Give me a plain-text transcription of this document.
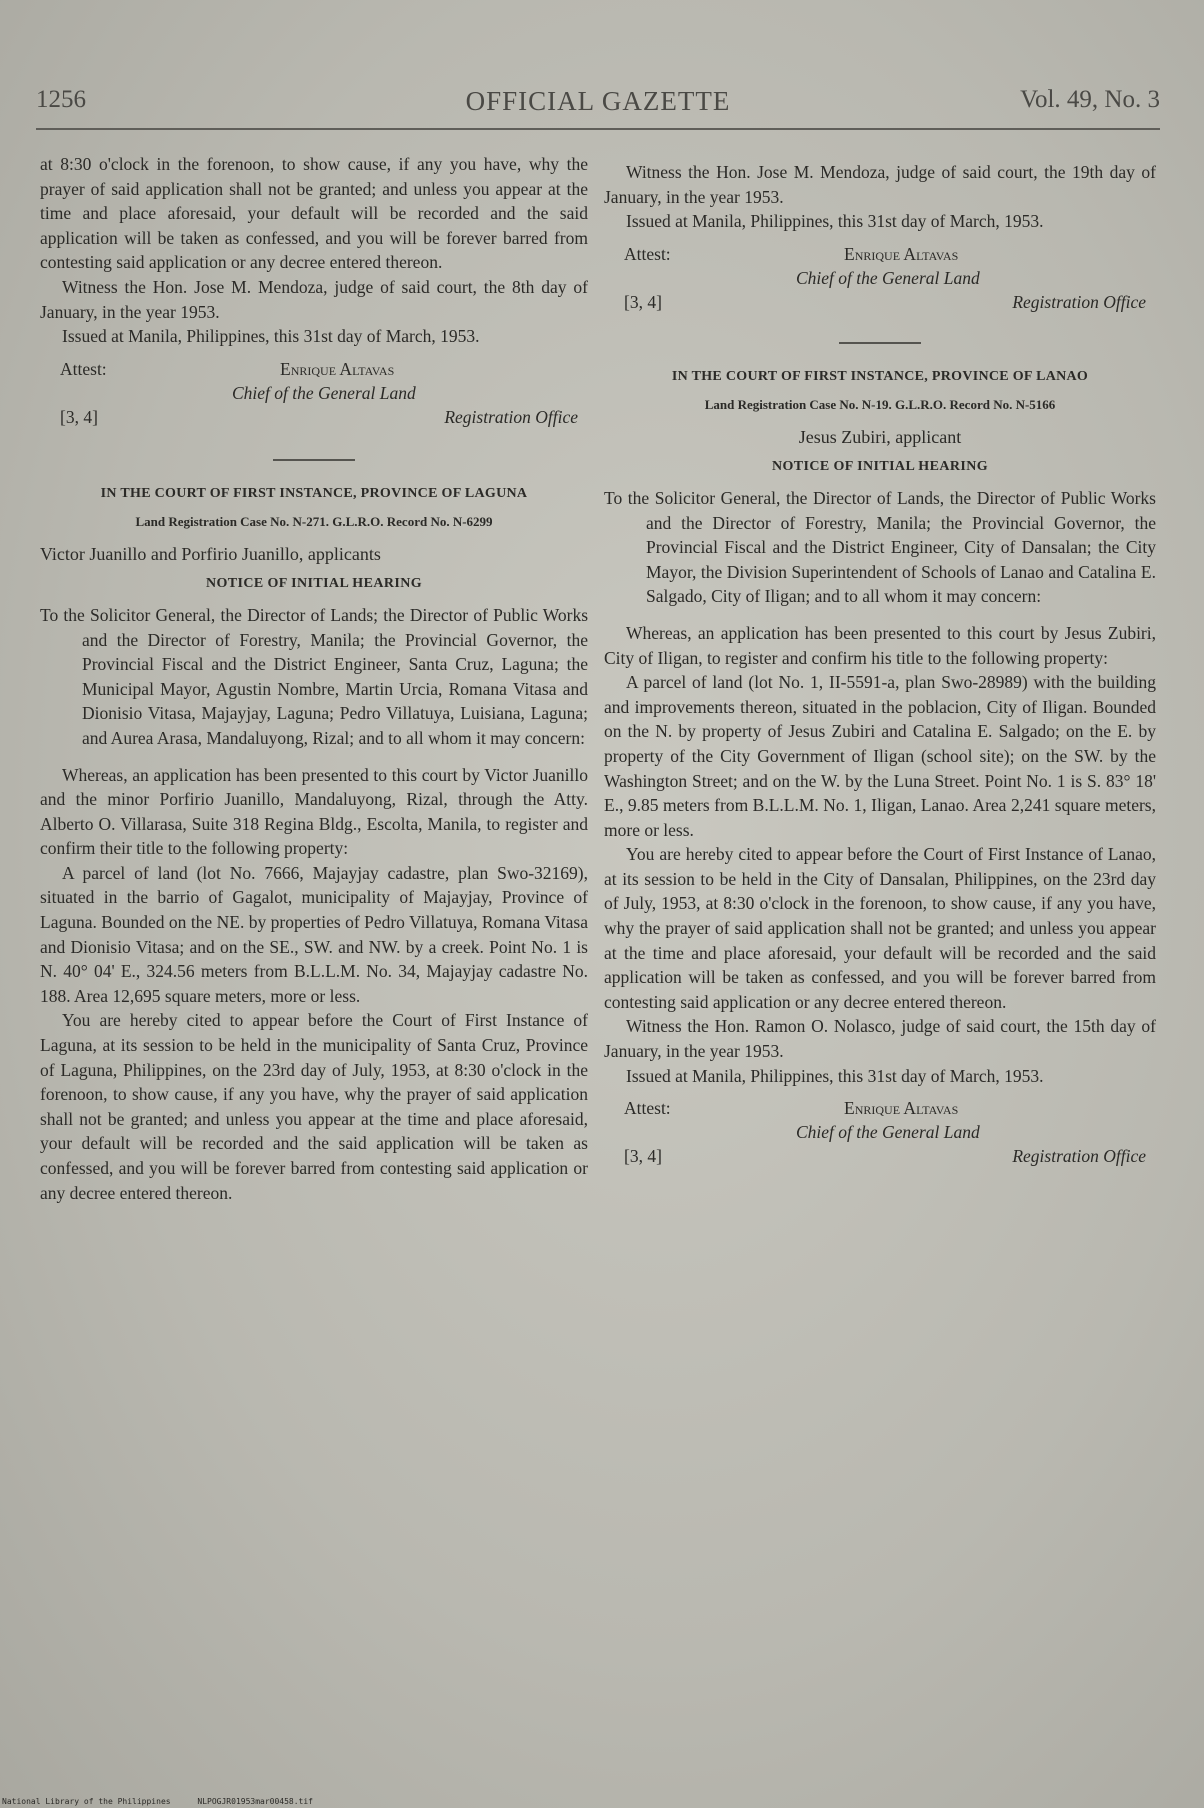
1256	OFFICIAL GAZETTE	Vol. 49, No. 3

at 8:30 o'clock in the forenoon, to show cause, if any you have, why the prayer of said application shall not be granted; and unless you appear at the time and place aforesaid, your default will be recorded and the said application will be taken as confessed, and you will be forever barred from contesting said application or any decree entered thereon.

Witness the Hon. Jose M. Mendoza, judge of said court, the 8th day of January, in the year 1953.

Issued at Manila, Philippines, this 31st day of March, 1953.

Attest:	Enrique Altavas
Chief of the General Land
[3, 4]	Registration Office

IN THE COURT OF FIRST INSTANCE, PROVINCE OF LAGUNA

Land Registration Case No. N-271. G.L.R.O. Record No. N-6299

Victor Juanillo and Porfirio Juanillo, applicants

NOTICE OF INITIAL HEARING

To the Solicitor General, the Director of Lands; the Director of Public Works and the Director of Forestry, Manila; the Provincial Governor, the Provincial Fiscal and the District Engineer, Santa Cruz, Laguna; the Municipal Mayor, Agustin Nombre, Martin Urcia, Romana Vitasa and Dionisio Vitasa, Majayjay, Laguna; Pedro Villatuya, Luisiana, Laguna; and Aurea Arasa, Mandaluyong, Rizal; and to all whom it may concern:

Whereas, an application has been presented to this court by Victor Juanillo and the minor Porfirio Juanillo, Mandaluyong, Rizal, through the Atty. Alberto O. Villarasa, Suite 318 Regina Bldg., Escolta, Manila, to register and confirm their title to the following property:

A parcel of land (lot No. 7666, Majayjay cadastre, plan Swo-32169), situated in the barrio of Gagalot, municipality of Majayjay, Province of Laguna. Bounded on the NE. by properties of Pedro Villatuya, Romana Vitasa and Dionisio Vitasa; and on the SE., SW. and NW. by a creek. Point No. 1 is N. 40° 04' E., 324.56 meters from B.L.L.M. No. 34, Majayjay cadastre No. 188. Area 12,695 square meters, more or less.

You are hereby cited to appear before the Court of First Instance of Laguna, at its session to be held in the municipality of Santa Cruz, Province of Laguna, Philippines, on the 23rd day of July, 1953, at 8:30 o'clock in the forenoon, to show cause, if any you have, why the prayer of said application shall not be granted; and unless you appear at the time and place aforesaid, your default will be recorded and the said application will be taken as confessed, and you will be forever barred from contesting said application or any decree entered thereon.

Witness the Hon. Jose M. Mendoza, judge of said court, the 19th day of January, in the year 1953.

Issued at Manila, Philippines, this 31st day of March, 1953.

Attest:	Enrique Altavas
Chief of the General Land
[3, 4]	Registration Office

IN THE COURT OF FIRST INSTANCE, PROVINCE OF LANAO

Land Registration Case No. N-19. G.L.R.O. Record No. N-5166

Jesus Zubiri, applicant

NOTICE OF INITIAL HEARING

To the Solicitor General, the Director of Lands, the Director of Public Works and the Director of Forestry, Manila; the Provincial Governor, the Provincial Fiscal and the District Engineer, City of Dansalan; the City Mayor, the Division Superintendent of Schools of Lanao and Catalina E. Salgado, City of Iligan; and to all whom it may concern:

Whereas, an application has been presented to this court by Jesus Zubiri, City of Iligan, to register and confirm his title to the following property:

A parcel of land (lot No. 1, II-5591-a, plan Swo-28989) with the building and improvements thereon, situated in the poblacion, City of Iligan. Bounded on the N. by property of Jesus Zubiri and Catalina E. Salgado; on the E. by property of the City Government of Iligan (school site); on the SW. by the Washington Street; and on the W. by the Luna Street. Point No. 1 is S. 83° 18' E., 9.85 meters from B.L.L.M. No. 1, Iligan, Lanao. Area 2,241 square meters, more or less.

You are hereby cited to appear before the Court of First Instance of Lanao, at its session to be held in the City of Dansalan, Philippines, on the 23rd day of July, 1953, at 8:30 o'clock in the forenoon, to show cause, if any you have, why the prayer of said application shall not be granted; and unless you appear at the time and place aforesaid, your default will be recorded and the said application will be taken as confessed, and you will be forever barred from contesting said application or any decree entered thereon.

Witness the Hon. Ramon O. Nolasco, judge of said court, the 15th day of January, in the year 1953.

Issued at Manila, Philippines, this 31st day of March, 1953.

Attest:	Enrique Altavas
Chief of the General Land
[3, 4]	Registration Office
National Library of the Philippines	NLPOGJR01953mar00458.tif
